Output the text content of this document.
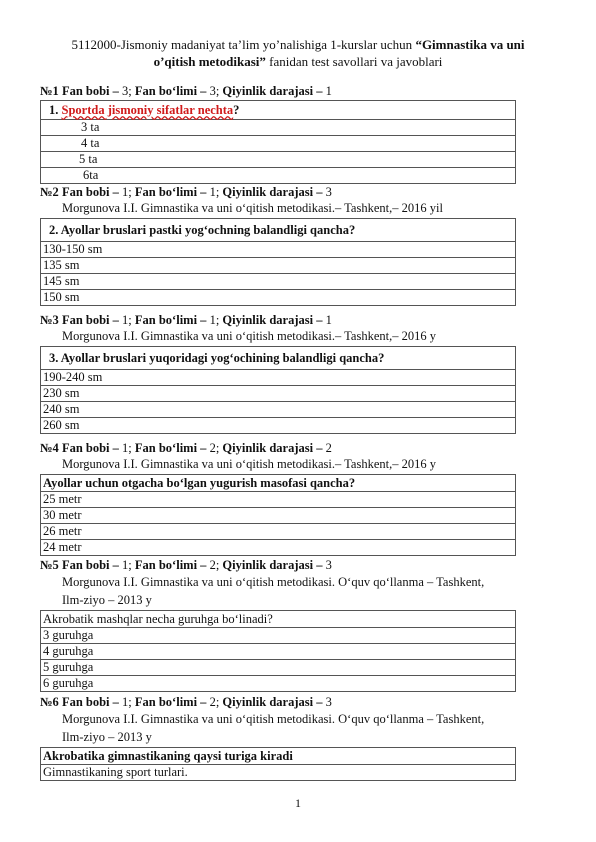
5112000-Jismoniy madaniyat ta’lim yo’nalishiga 1-kurslar uchun “Gimnastika va uni
o’qitish metodikasi” fanidan test savollari va javoblari
№1 Fan bobi – 3; Fan bo‘limi – 3; Qiyinlik darajasi – 1
1. Sportda jismoniy sifatlar nechta?
3 ta
4 ta
5 ta
6ta
№2 Fan bobi – 1; Fan bo‘limi – 1; Qiyinlik darajasi – 3
Morgunova I.I. Gimnastika va uni o‘qitish metodikasi.– Tashkent,– 2016 yil
2. Ayollar bruslari pastki yog‘ochning balandligi qancha?
130-150 sm
135 sm
145 sm
150 sm
№3 Fan bobi – 1; Fan bo‘limi – 1; Qiyinlik darajasi – 1
Morgunova I.I. Gimnastika va uni o‘qitish metodikasi.– Tashkent,– 2016 y
3. Ayollar bruslari yuqoridagi yog‘ochining balandligi qancha?
190-240 sm
230 sm
240 sm
260 sm
№4 Fan bobi – 1; Fan bo‘limi – 2; Qiyinlik darajasi – 2
Morgunova I.I. Gimnastika va uni o‘qitish metodikasi.– Tashkent,– 2016 y
Ayollar uchun otgacha bo‘lgan yugurish masofasi qancha?
25 metr
30 metr
26 metr
24 metr
№5 Fan bobi – 1; Fan bo‘limi – 2; Qiyinlik darajasi – 3
Morgunova I.I. Gimnastika va uni o‘qitish metodikasi. O‘quv qo‘llanma – Tashkent,
Ilm-ziyo – 2013 y
Akrobatik mashqlar necha guruhga bo‘linadi?
3 guruhga
4 guruhga
5 guruhga
6 guruhga
№6 Fan bobi – 1; Fan bo‘limi – 2; Qiyinlik darajasi – 3
Morgunova I.I. Gimnastika va uni o‘qitish metodikasi. O‘quv qo‘llanma – Tashkent,
Ilm-ziyo – 2013 y
Akrobatika gimnastikaning qaysi turiga kiradi
Gimnastikaning sport turlari.
1
